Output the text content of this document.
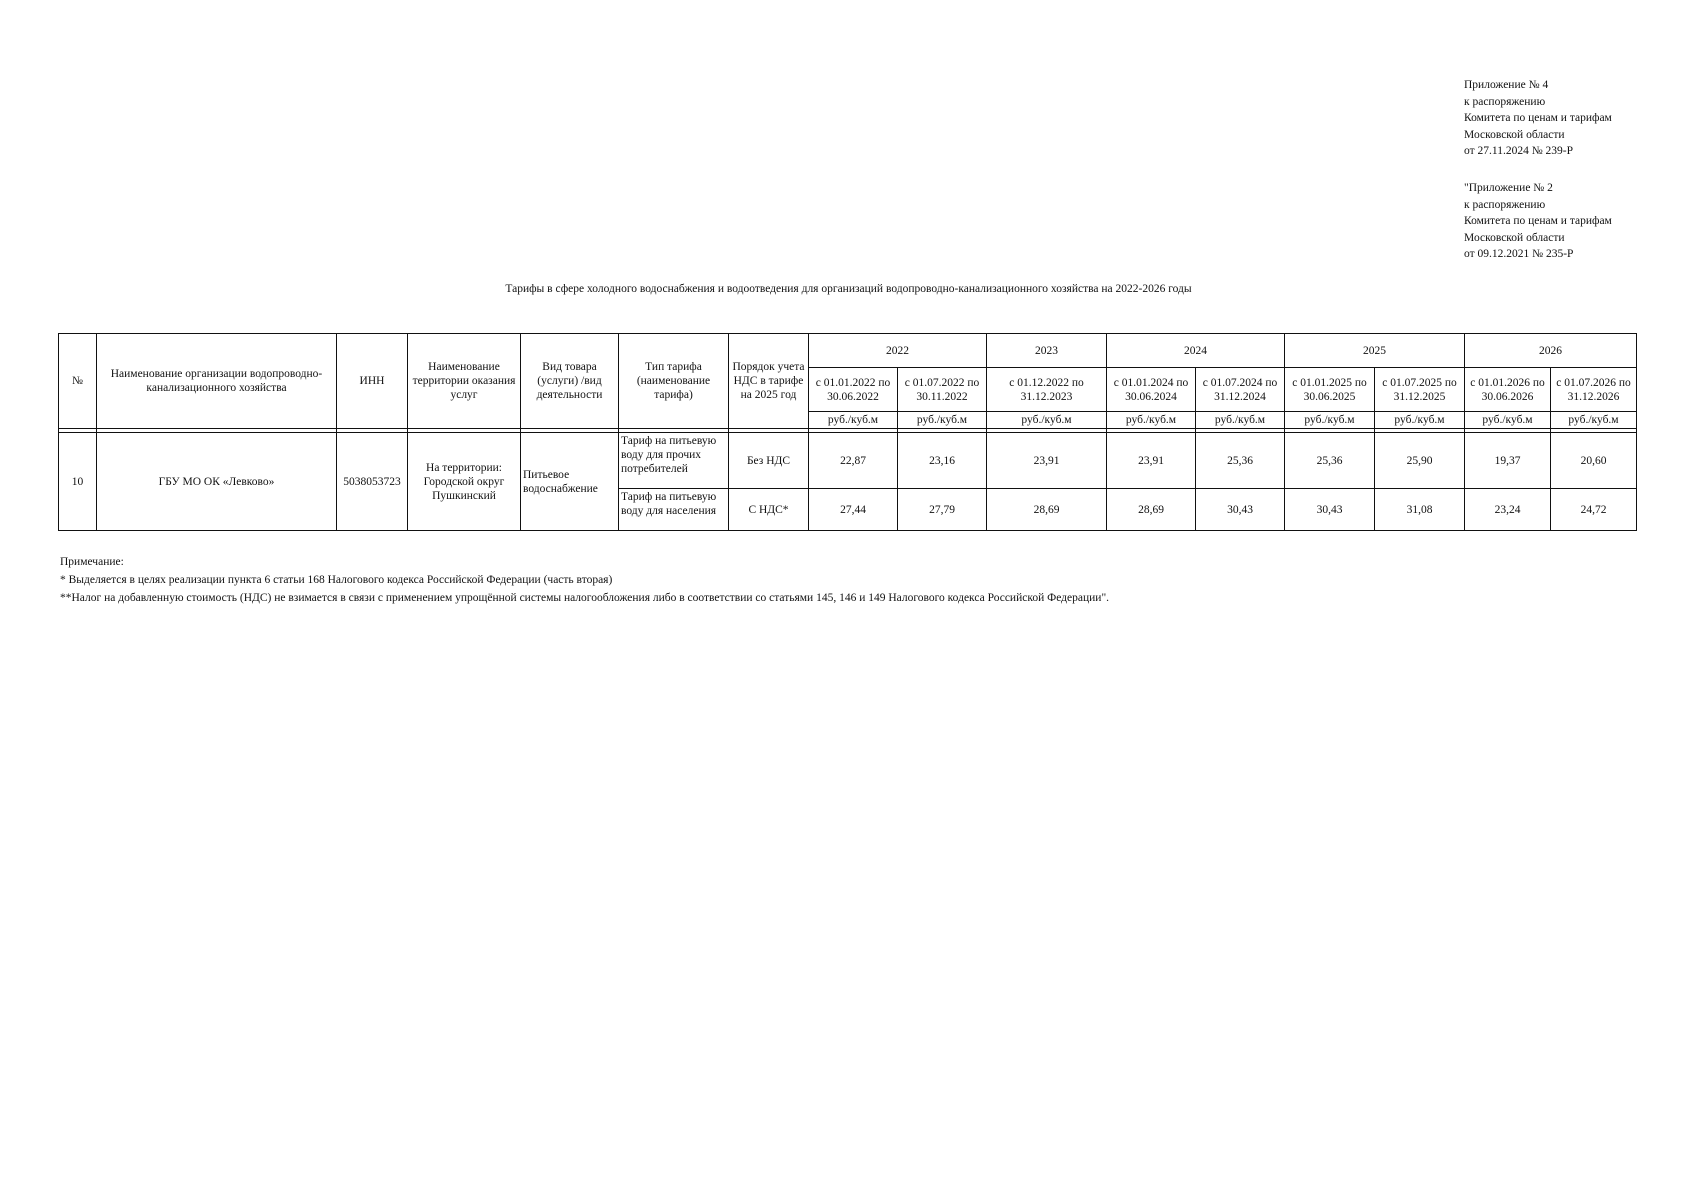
Приложение № 4
к распоряжению
Комитета по ценам и тарифам
Московской области
от 27.11.2024 № 239-Р
"Приложение № 2
к распоряжению
Комитета по ценам и тарифам
Московской области
от 09.12.2021 № 235-Р
Тарифы в сфере холодного водоснабжения и водоотведения для организаций водопроводно-канализационного хозяйства на 2022-2026 годы
№	Наименование организации водопроводно-канализационного хозяйства	ИНН	Наименование территории оказания услуг	Вид товара (услуги) /вид деятельности	Тип тарифа (наименование тарифа)	Порядок учета НДС в тарифе на 2025 год	2022		2023	2024		2025		2026	
							с 01.01.2022 по 30.06.2022	с 01.07.2022 по 30.11.2022	с 01.12.2022 по 31.12.2023	с 01.01.2024 по 30.06.2024	с 01.07.2024 по 31.12.2024	с 01.01.2025 по 30.06.2025	с 01.07.2025 по 31.12.2025	с 01.01.2026 по 30.06.2026	с 01.07.2026 по 31.12.2026
							руб./куб.м	руб./куб.м	руб./куб.м	руб./куб.м	руб./куб.м	руб./куб.м	руб./куб.м	руб./куб.м	руб./куб.м

10	ГБУ МО ОК «Левково»	5038053723	На территории: Городской округ Пушкинский	Питьевое водоснабжение	Тариф на питьевую воду для прочих потребителей	Без НДС	22,87	23,16	23,91	23,91	25,36	25,36	25,90	19,37	20,60
					Тариф на питьевую воду для населения	С НДС*	27,44	27,79	28,69	28,69	30,43	30,43	31,08	23,24	24,72
Примечание:
* Выделяется в целях реализации пункта 6 статьи 168 Налогового кодекса Российской Федерации (часть вторая)
**Налог на добавленную стоимость (НДС) не взимается в связи с применением упрощённой системы налогообложения либо в соответствии со статьями 145, 146 и 149 Налогового кодекса Российской Федерации".
